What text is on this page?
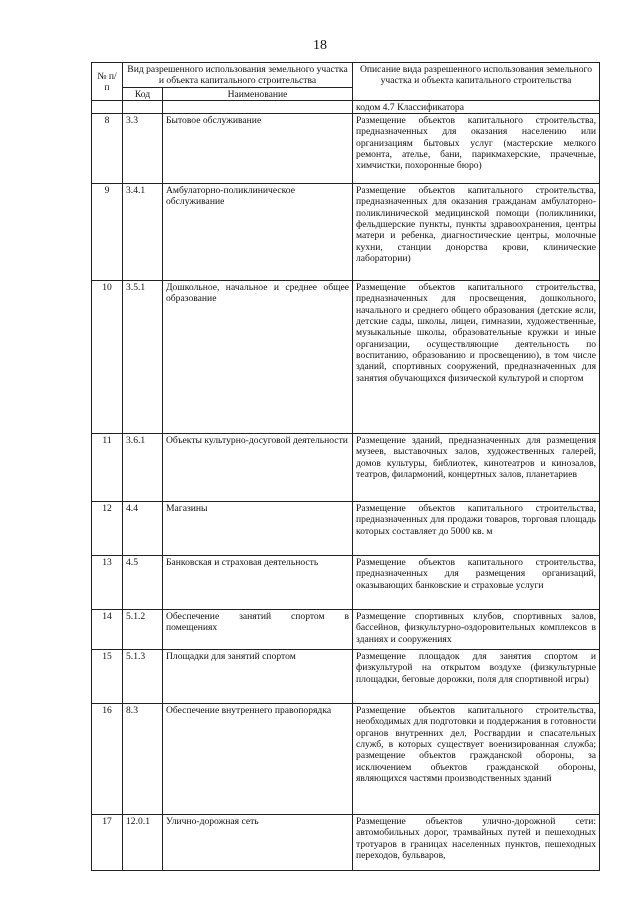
18
№ п/п	Вид разрешенного использования земельного участка и объекта капитального строительства		Описание вида разрешенного использования земельного участка и объекта капитального строительства
	Код	Наименование	
			кодом 4.7 Классификатора
8	3.3	Бытовое обслуживание	Размещение объектов капитального строительства, предназначенных для оказания населению или организациям бытовых услуг (мастерские мелкого ремонта, ателье, бани, парикмахерские, прачечные, химчистки, похоронные бюро)
9	3.4.1	Амбулаторно-поликлиническое обслуживание	Размещение объектов капитального строительства, предназначенных для оказания гражданам амбулаторно-поликлинической медицинской помощи (поликлиники, фельдшерские пункты, пункты здравоохранения, центры матери и ребенка, диагностические центры, молочные кухни, станции донорства крови, клинические лаборатории)
10	3.5.1	Дошкольное, начальное и среднее общее образование	Размещение объектов капитального строительства, предназначенных для просвещения, дошкольного, начального и среднего общего образования (детские ясли, детские сады, школы, лицеи, гимназии, художественные, музыкальные школы, образовательные кружки и иные организации, осуществляющие деятельность по воспитанию, образованию и просвещению), в том числе зданий, спортивных сооружений, предназначенных для занятия обучающихся физической культурой и спортом
11	3.6.1	Объекты культурно-досуговой деятельности	Размещение зданий, предназначенных для размещения музеев, выставочных залов, художественных галерей, домов культуры, библиотек, кинотеатров и кинозалов, театров, филармоний, концертных залов, планетариев
12	4.4	Магазины	Размещение объектов капитального строительства, предназначенных для продажи товаров, торговая площадь которых составляет до 5000 кв. м
13	4.5	Банковская и страховая деятельность	Размещение объектов капитального строительства, предназначенных для размещения организаций, оказывающих банковские и страховые услуги
14	5.1.2	Обеспечение занятий спортом в помещениях	Размещение спортивных клубов, спортивных залов, бассейнов, физкультурно-оздоровительных комплексов в зданиях и сооружениях
15	5.1.3	Площадки для занятий спортом	Размещение площадок для занятия спортом и физкультурой на открытом воздухе (физкультурные площадки, беговые дорожки, поля для спортивной игры)
16	8.3	Обеспечение внутреннего правопорядка	Размещение объектов капитального строительства, необходимых для подготовки и поддержания в готовности органов внутренних дел, Росгвардии и спасательных служб, в которых существует военизированная служба; размещение объектов гражданской обороны, за исключением объектов гражданской обороны, являющихся частями производственных зданий
17	12.0.1	Улично-дорожная сеть	Размещение объектов улично-дорожной сети: автомобильных дорог, трамвайных путей и пешеходных тротуаров в границах населенных пунктов, пешеходных переходов, бульваров,
